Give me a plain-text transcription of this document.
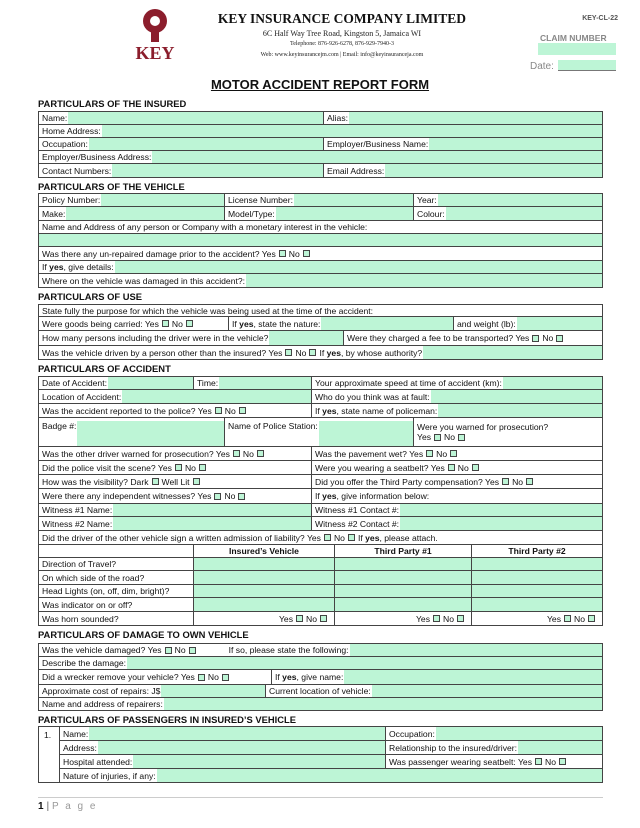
KEY
KEY INSURANCE COMPANY LIMITED
6C Half Way Tree Road, Kingston 5, Jamaica WI
Telephone: 876-926-6278, 876-929-7940-3
Web: www.keyinsurancejm.com | Email: info@keyinsuranceja.com
KEY-CL-22
CLAIM NUMBER
Date:
MOTOR ACCIDENT REPORT FORM
PARTICULARS OF THE INSURED
Name:	Alias:
Home Address:
Occupation:	Employer/Business Name:
Employer/Business Address:
Contact Numbers:	Email Address:
PARTICULARS OF THE VEHICLE
Policy Number:	License Number:	Year:
Make:	Model/Type:	Colour:
Name and Address of any person or Company with a monetary interest in the vehicle:
Was there any un-repaired damage prior to the accident? Yes No
If yes, give details:
Where on the vehicle was damaged in this accident?:
PARTICULARS OF USE
State fully the purpose for which the vehicle was being used at the time of the accident:
Were goods being carried: Yes No	If yes, state the nature:	and weight (lb):
How many persons including the driver were in the vehicle?	Were they charged a fee to be transported? Yes No
Was the vehicle driven by a person other than the insured? Yes No If yes, by whose authority?
PARTICULARS OF ACCIDENT
Date of Accident:	Time:	Your approximate speed at time of accident (km):
Location of Accident:	Who do you think was at fault:
Was the accident reported to the police? Yes No	If yes, state name of policeman:
Badge #:	Name of Police Station:	Were you warned for prosecution?
Yes No
Was the other driver warned for prosecution? Yes No	Was the pavement wet? Yes No
Did the police visit the scene? Yes No	Were you wearing a seatbelt? Yes No
How was the visibility? Dark Well Lit	Did you offer the Third Party compensation? Yes No
Were there any independent witnesses? Yes No	If yes, give information below:
Witness #1 Name:	Witness #1 Contact #:
Witness #2 Name:	Witness #2 Contact #:
Did the driver of the other vehicle sign a written admission of liability? Yes No If yes, please attach.
Insured’s Vehicle	Third Party #1	Third Party #2
Direction of Travel?
On which side of the road?
Head Lights (on, off, dim, bright)?
Was indicator on or off?
Was horn sounded?	Yes No	Yes No	Yes No
PARTICULARS OF DAMAGE TO OWN VEHICLE
Was the vehicle damaged? Yes No	If so, please state the following:
Describe the damage:
Did a wrecker remove your vehicle? Yes No	If yes, give name:
Approximate cost of repairs: J$	Current location of vehicle:
Name and address of repairers:
PARTICULARS OF PASSENGERS IN INSURED’S VEHICLE
1.	Name:	Occupation:
Address:	Relationship to the insured/driver:
Hospital attended:	Was passenger wearing seatbelt: Yes No
Nature of injuries, if any:
1 | P a g e
